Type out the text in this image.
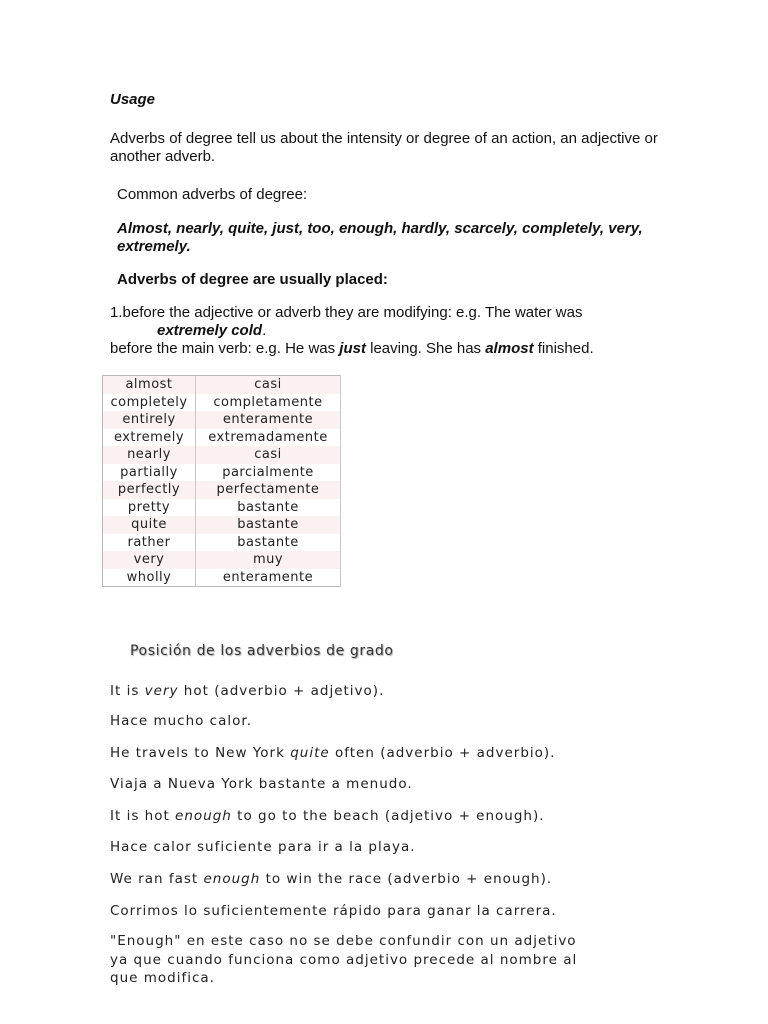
Usage
Adverbs of degree tell us about the intensity or degree of an action, an adjective or another adverb.
Common adverbs of degree:
Almost, nearly, quite, just, too, enough, hardly, scarcely, completely, very, extremely.
Adverbs of degree are usually placed:
1.before the adjective or adverb they are modifying: e.g. The water was
extremely cold.
before the main verb: e.g. He was just leaving. She has almost finished.
almost	casi
completely	completamente
entirely	enteramente
extremely	extremadamente
nearly	casi
partially	parcialmente
perfectly	perfectamente
pretty	bastante
quite	bastante
rather	bastante
very	muy
wholly	enteramente
Posición de los adverbios de grado
It is very hot (adverbio + adjetivo).
Hace mucho calor.
He travels to New York quite often (adverbio + adverbio).
Viaja a Nueva York bastante a menudo.
It is hot enough to go to the beach (adjetivo + enough).
Hace calor suficiente para ir a la playa.
We ran fast enough to win the race (adverbio + enough).
Corrimos lo suficientemente rápido para ganar la carrera.
"Enough" en este caso no se debe confundir con un adjetivo ya que cuando funciona como adjetivo precede al nombre al que modifica.
